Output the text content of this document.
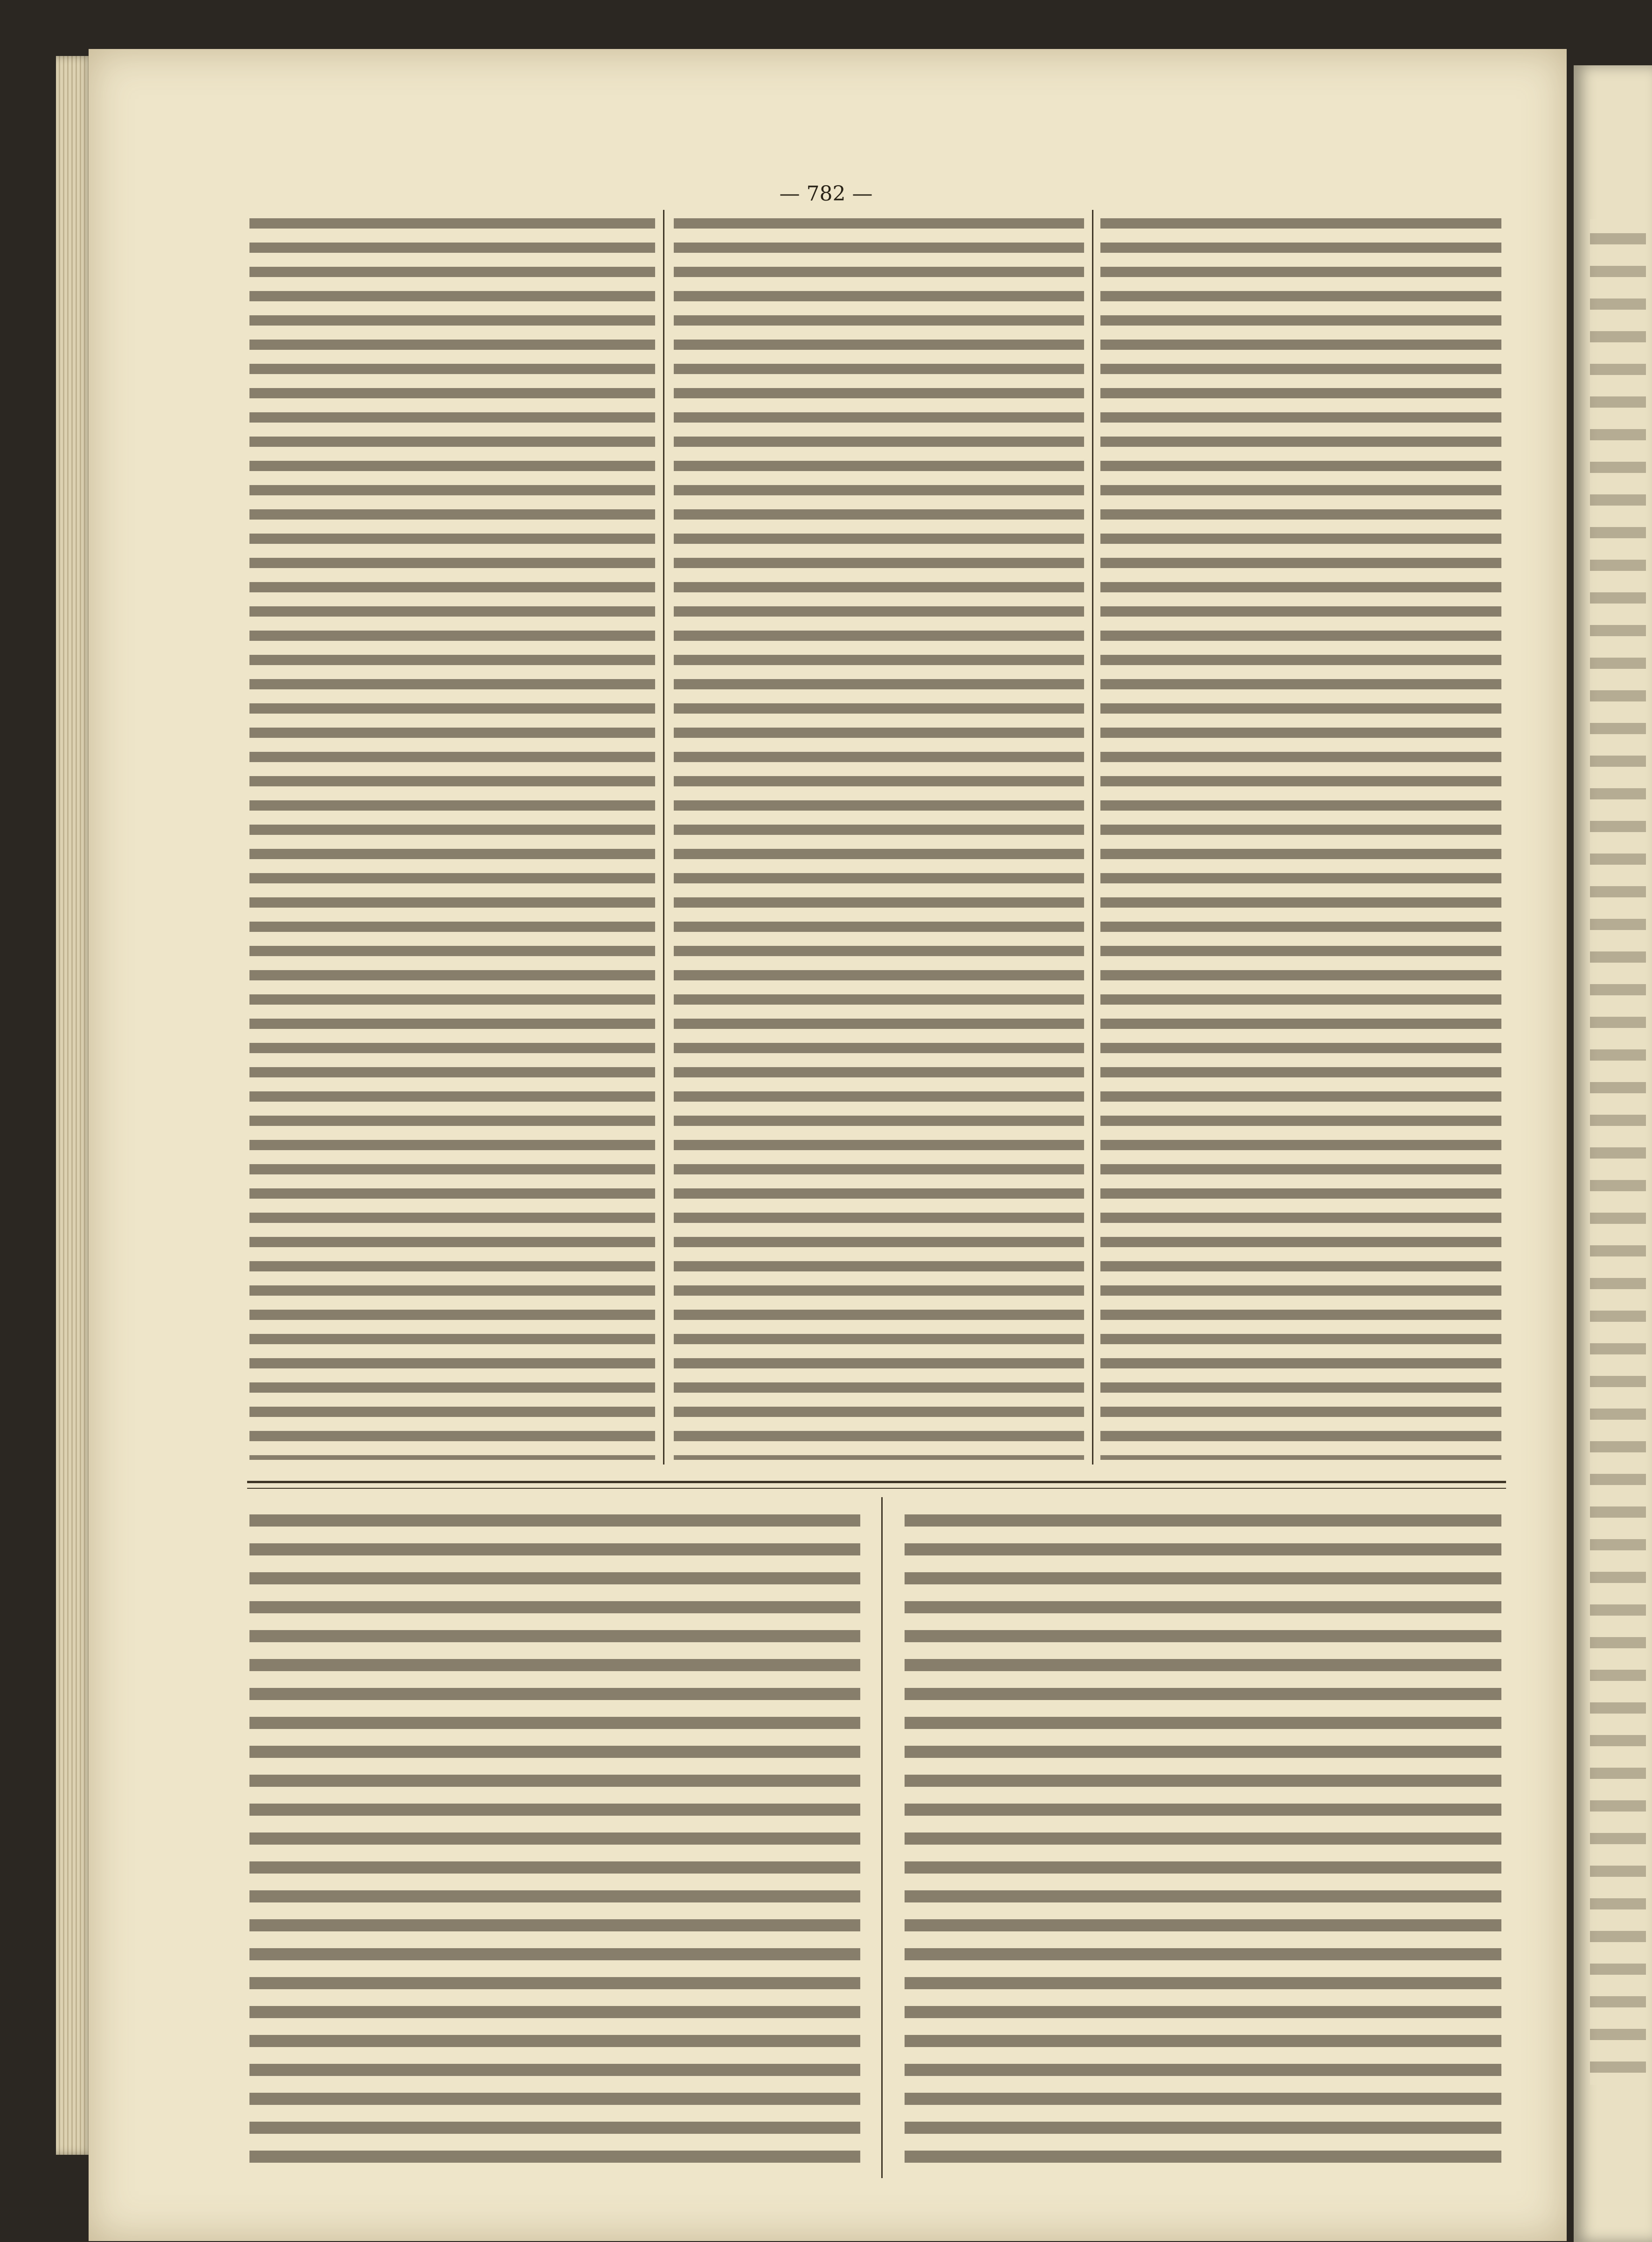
— 782 —
